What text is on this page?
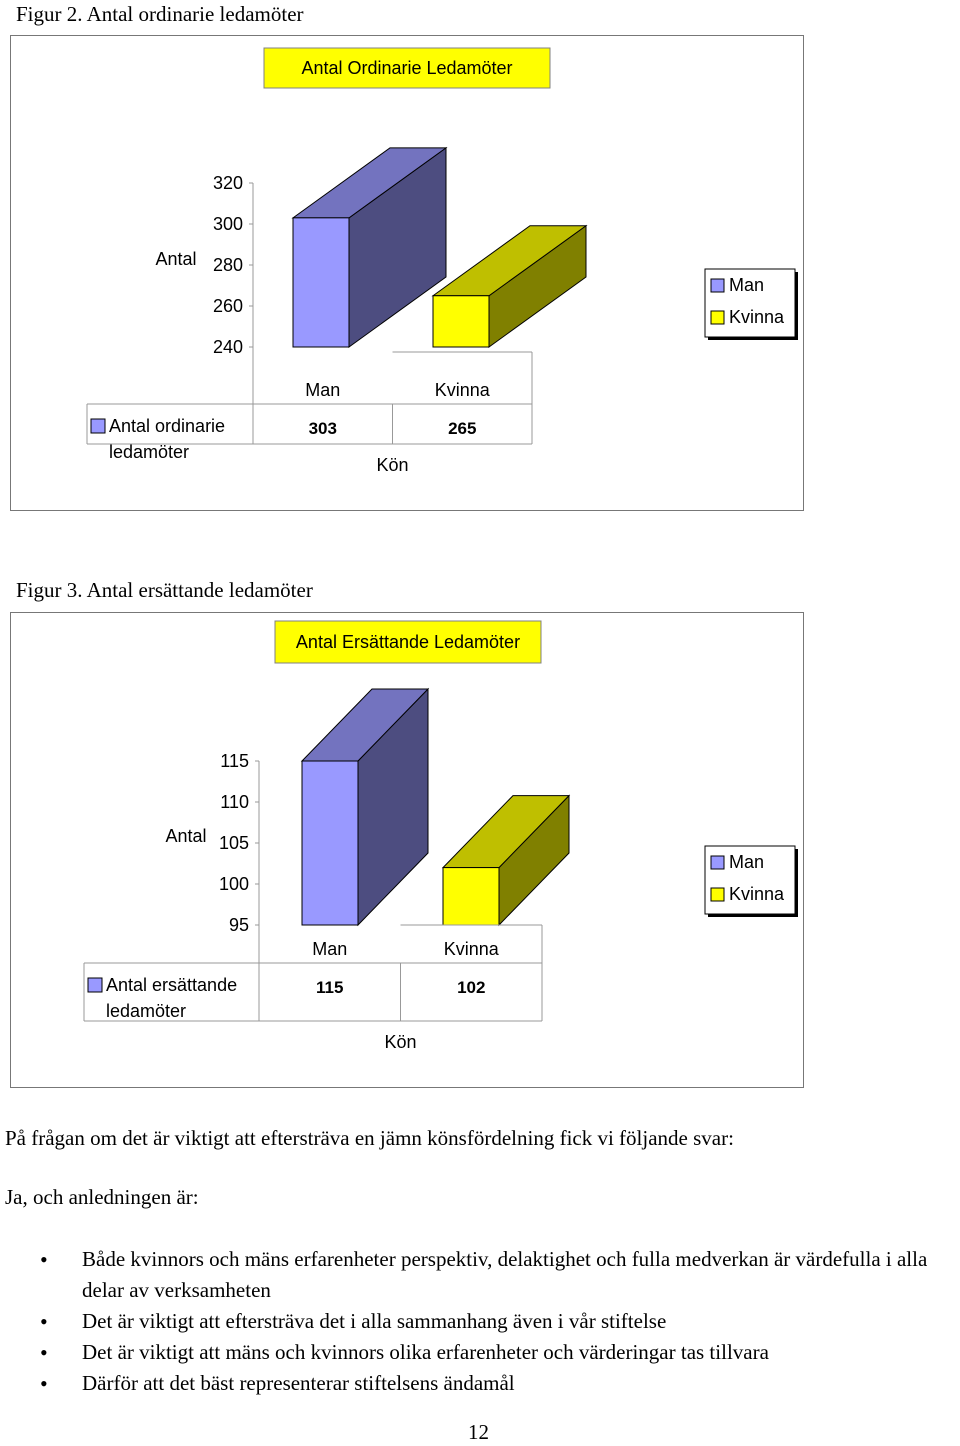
Figur 2. Antal ordinarie ledamöter
Antal Ordinarie Ledamöter
Antal
240
260
280
300
320
Man
303
Kvinna
265
Antal ordinarie
ledamöter
Kön
Man
Kvinna
Figur 3. Antal ersättande ledamöter
Antal Ersättande Ledamöter
Antal
95
100
105
110
115
Man
115
Kvinna
102
Antal ersättande
ledamöter
Kön
Man
Kvinna
På frågan om det är viktigt att eftersträva en jämn könsfördelning fick vi följande svar:
Ja, och anledningen är:
• Både kvinnors och mäns erfarenheter perspektiv, delaktighet och fulla medverkan är värdefulla i alla delar av verksamheten
• Det är viktigt att eftersträva det i alla sammanhang även i vår stiftelse
• Det är viktigt att mäns och kvinnors olika erfarenheter och värderingar tas tillvara
• Därför att det bäst representerar stiftelsens ändamål
12
